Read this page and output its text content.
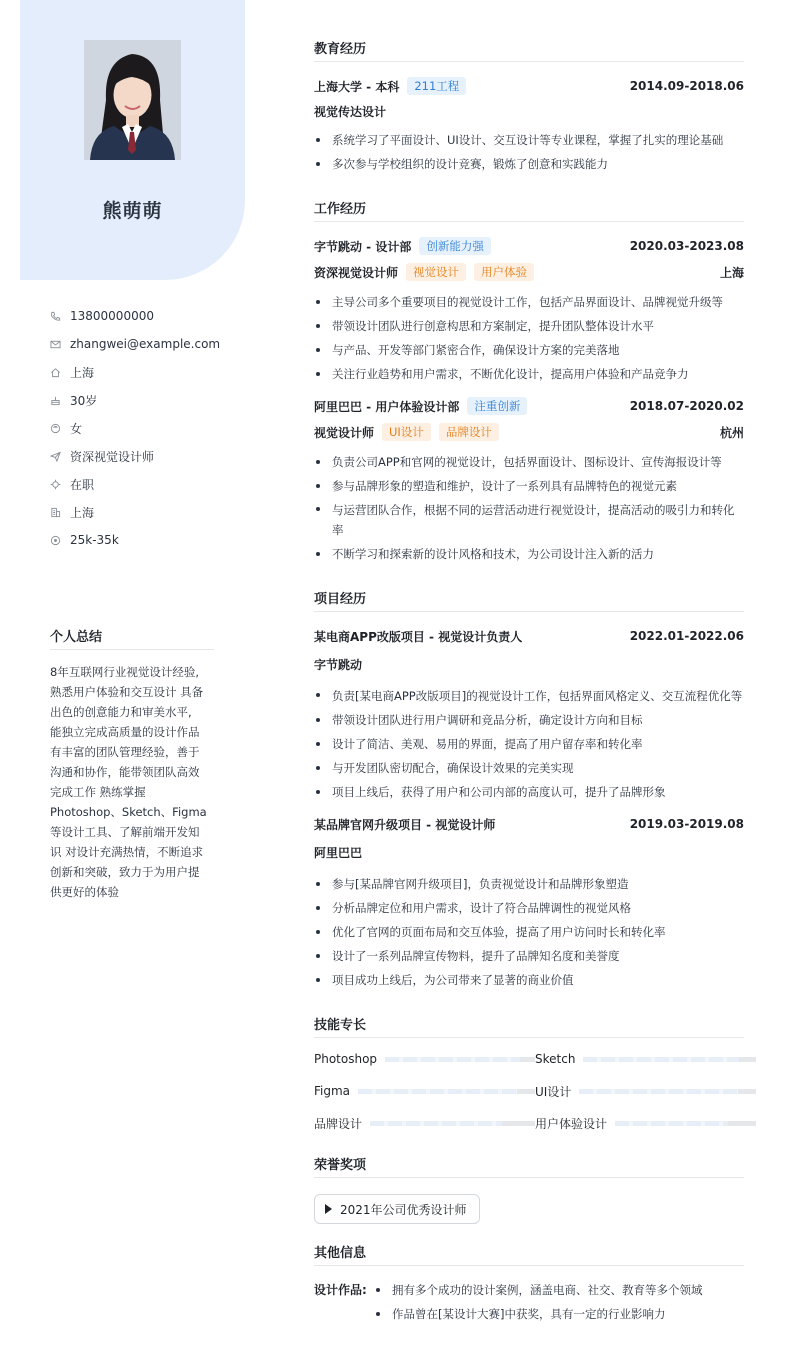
熊萌萌
13800000000
zhangwei@example.com
上海
30岁
女
资深视觉设计师
在职
上海
25k-35k
个人总结
8年互联网行业视觉设计经验,
熟悉用户体验和交互设计 具备
出色的创意能力和审美水平,
能独立完成高质量的设计作品
有丰富的团队管理经验，善于
沟通和协作，能带领团队高效
完成工作 熟练掌握
Photoshop、Sketch、Figma
等设计工具、了解前端开发知
识 对设计充满热情，不断追求
创新和突破，致力于为用户提
供更好的体验
教育经历
上海大学 - 本科	211工程	2014.09-2018.06
视觉传达设计
系统学习了平面设计、UI设计、交互设计等专业课程，掌握了扎实的理论基础
多次参与学校组织的设计竞赛，锻炼了创意和实践能力
工作经历
字节跳动 - 设计部	创新能力强	2020.03-2023.08
资深视觉设计师	视觉设计	用户体验	上海
主导公司多个重要项目的视觉设计工作，包括产品界面设计、品牌视觉升级等
带领设计团队进行创意构思和方案制定，提升团队整体设计水平
与产品、开发等部门紧密合作，确保设计方案的完美落地
关注行业趋势和用户需求，不断优化设计，提高用户体验和产品竞争力
阿里巴巴 - 用户体验设计部	注重创新	2018.07-2020.02
视觉设计师	UI设计	品牌设计	杭州
负责公司APP和官网的视觉设计，包括界面设计、图标设计、宣传海报设计等
参与品牌形象的塑造和维护，设计了一系列具有品牌特色的视觉元素
与运营团队合作，根据不同的运营活动进行视觉设计，提高活动的吸引力和转化率
不断学习和探索新的设计风格和技术，为公司设计注入新的活力
项目经历
某电商APP改版项目 - 视觉设计负责人	2022.01-2022.06
字节跳动
负责[某电商APP改版项目]的视觉设计工作，包括界面风格定义、交互流程优化等
带领设计团队进行用户调研和竞品分析，确定设计方向和目标
设计了简洁、美观、易用的界面，提高了用户留存率和转化率
与开发团队密切配合，确保设计效果的完美实现
项目上线后，获得了用户和公司内部的高度认可，提升了品牌形象
某品牌官网升级项目 - 视觉设计师	2019.03-2019.08
阿里巴巴
参与[某品牌官网升级项目]，负责视觉设计和品牌形象塑造
分析品牌定位和用户需求，设计了符合品牌调性的视觉风格
优化了官网的页面布局和交互体验，提高了用户访问时长和转化率
设计了一系列品牌宣传物料，提升了品牌知名度和美誉度
项目成功上线后，为公司带来了显著的商业价值
技能专长
Photoshop	Sketch
Figma	UI设计
品牌设计	用户体验设计
荣誉奖项
2021年公司优秀设计师
其他信息
设计作品:	拥有多个成功的设计案例，涵盖电商、社交、教育等多个领域
作品曾在[某设计大赛]中获奖，具有一定的行业影响力
